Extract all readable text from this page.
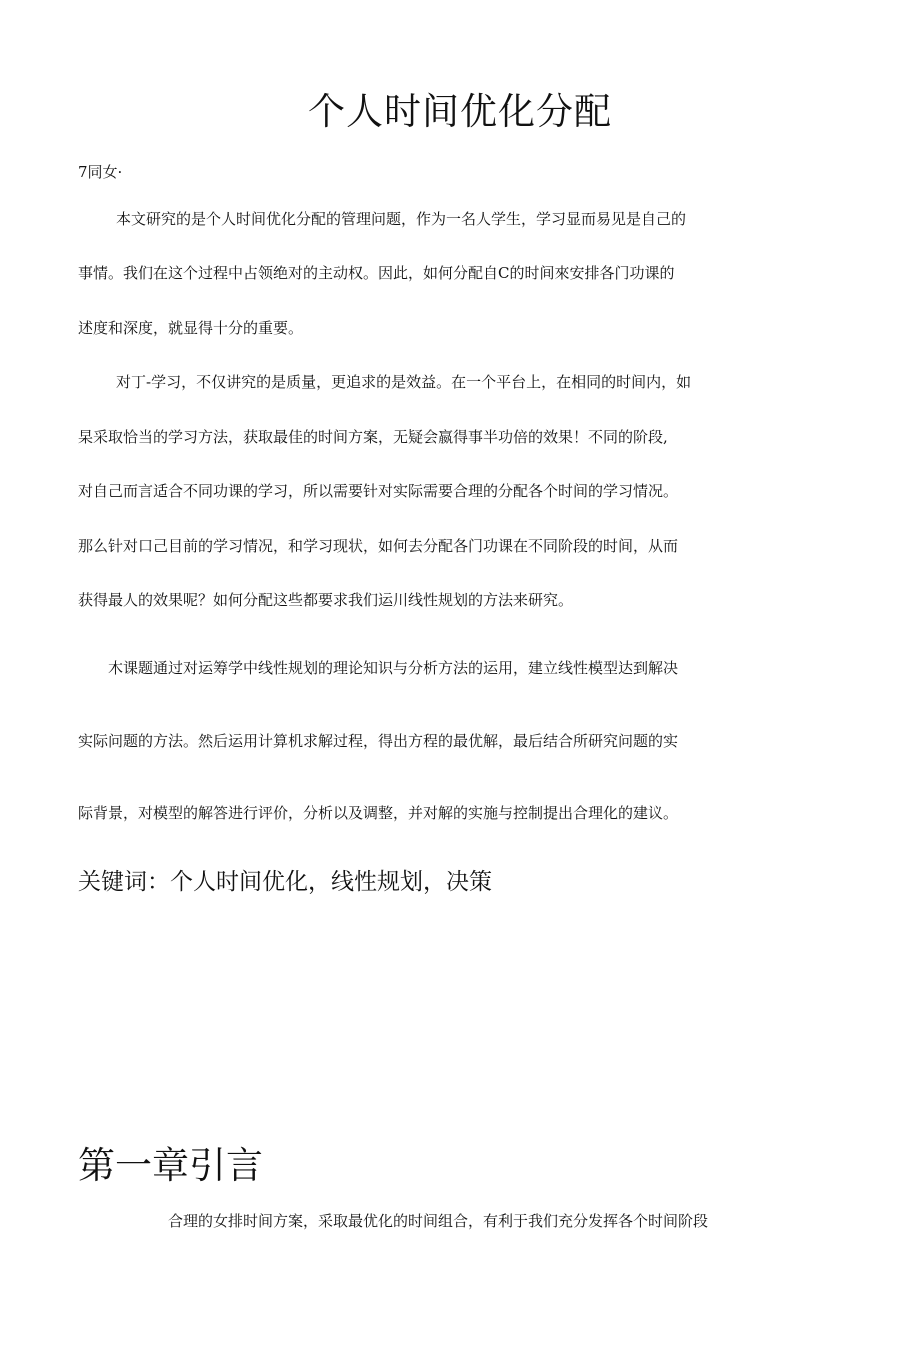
个人时间优化分配
7同女·
本文研究的是个人时间优化分配的管理问题，作为一名人学生，学习显而易见是自己的
事情。我们在这个过程中占领绝对的主动权。因此，如何分配自C的时间來安排各门功课的
述度和深度，就显得十分的重要。
对丁-学习，不仅讲究的是质量，更追求的是效益。在一个平台上，在相同的时间内，如
杲采取恰当的学习方法，获取最佳的时间方案，无疑会嬴得事半功倍的效果！不同的阶段,
对自己而言适合不同功课的学习，所以需要针对实际需要合理的分配各个时间的学习情况。
那么针对口己目前的学习情况，和学习现状，如何去分配各门功课在不同阶段的时间，从而
获得最人的效果呢？如何分配这些都要求我们运川线性规划的方法来研究。
木课题通过对运筹学中线性规划的理论知识与分析方法的运用，建立线性模型达到解决
实际问题的方法。然后运用计算机求解过程，得出方程的最优解，最后结合所研究问题的实
际背景，对模型的解答进行评价，分析以及调整，并对解的实施与控制提出合理化的建议。
关键词：个人时间优化，线性规划，决策
第一章引言
合理的女排时间方案，采取最优化的时间组合，有利于我们充分发挥各个时间阶段
